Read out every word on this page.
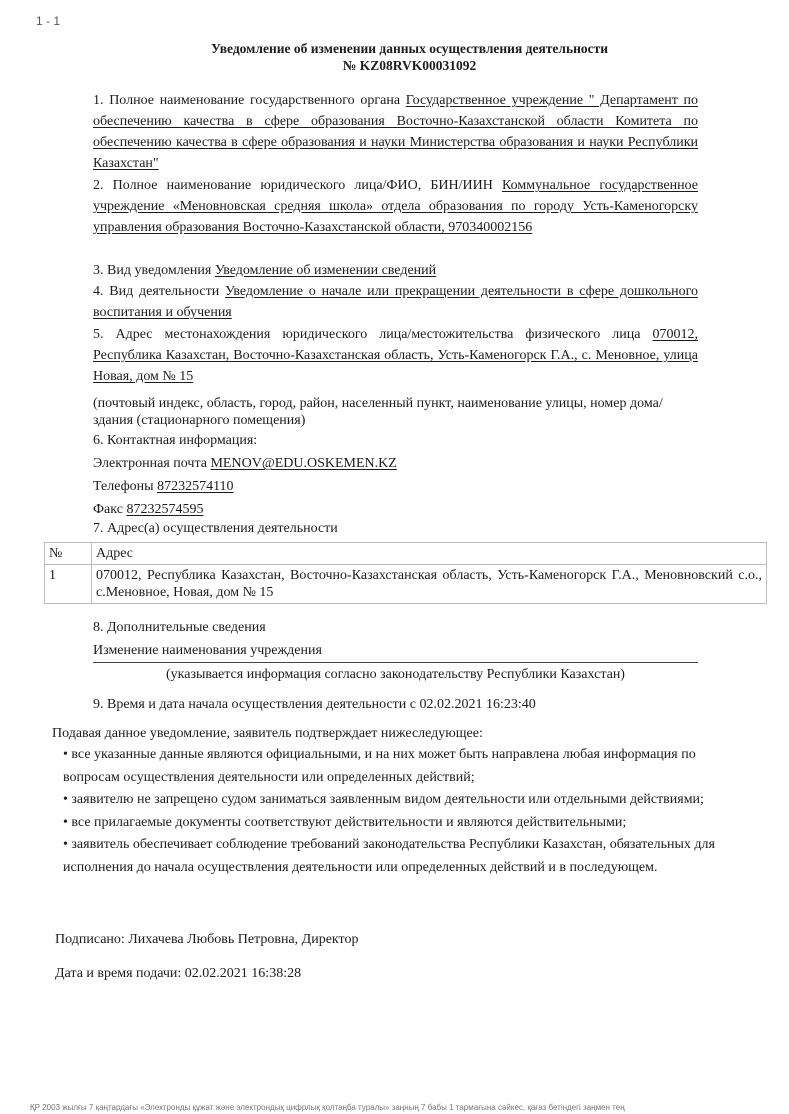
1 - 1
Уведомление об изменении данных осуществления деятельности
№ KZ08RVK00031092
1. Полное наименование государственного органа Государственное учреждение " Департамент по обеспечению качества в сфере образования Восточно-Казахстанской области Комитета по обеспечению качества в сфере образования и науки Министерства образования и науки Республики Казахстан"
2. Полное наименование юридического лица/ФИО, БИН/ИИН Коммунальное государственное учреждение «Меновновская средняя школа» отдела образования по городу Усть-Каменогорску управления образования Восточно-Казахстанской области, 970340002156
3. Вид уведомления Уведомление об изменении сведений
4. Вид деятельности Уведомление о начале или прекращении деятельности в сфере дошкольного воспитания и обучения
5. Адрес местонахождения юридического лица/местожительства физического лица 070012, Республика Казахстан, Восточно-Казахстанская область, Усть-Каменогорск Г.А., с. Меновное, улица Новая, дом № 15
(почтовый индекс, область, город, район, населенный пункт, наименование улицы, номер дома/здания (стационарного помещения)
6. Контактная информация:
Электронная почта MENOV@EDU.OSKEMEN.KZ
Телефоны 87232574110
Факс 87232574595
7. Адрес(а) осуществления деятельности
№	Адрес
1	070012, Республика Казахстан, Восточно-Казахстанская область, Усть-Каменогорск Г.А., Меновновский с.о., с.Меновное, Новая, дом № 15
8. Дополнительные сведения
Изменение наименования учреждения
(указывается информация согласно законодательству Республики Казахстан)
9. Время и дата начала осуществления деятельности с 02.02.2021 16:23:40
Подавая данное уведомление, заявитель подтверждает нижеследующее:
• все указанные данные являются официальными, и на них может быть направлена любая информация по вопросам осуществления деятельности или определенных действий;
• заявителю не запрещено судом заниматься заявленным видом деятельности или отдельными действиями;
• все прилагаемые документы соответствуют действительности и являются действительными;
• заявитель обеспечивает соблюдение требований законодательства Республики Казахстан, обязательных для исполнения до начала осуществления деятельности или определенных действий и в последующем.
Подписано: Лихачева Любовь Петровна, Директор
Дата и время подачи: 02.02.2021 16:38:28
ҚР 2003 жылғы 7 қаңтардағы «Электронды құжат және электрондық цифрлық қолтаңба туралы» заңның 7 бабы 1 тармағына сәйкес, қағаз бетіндегі заңмен тең
